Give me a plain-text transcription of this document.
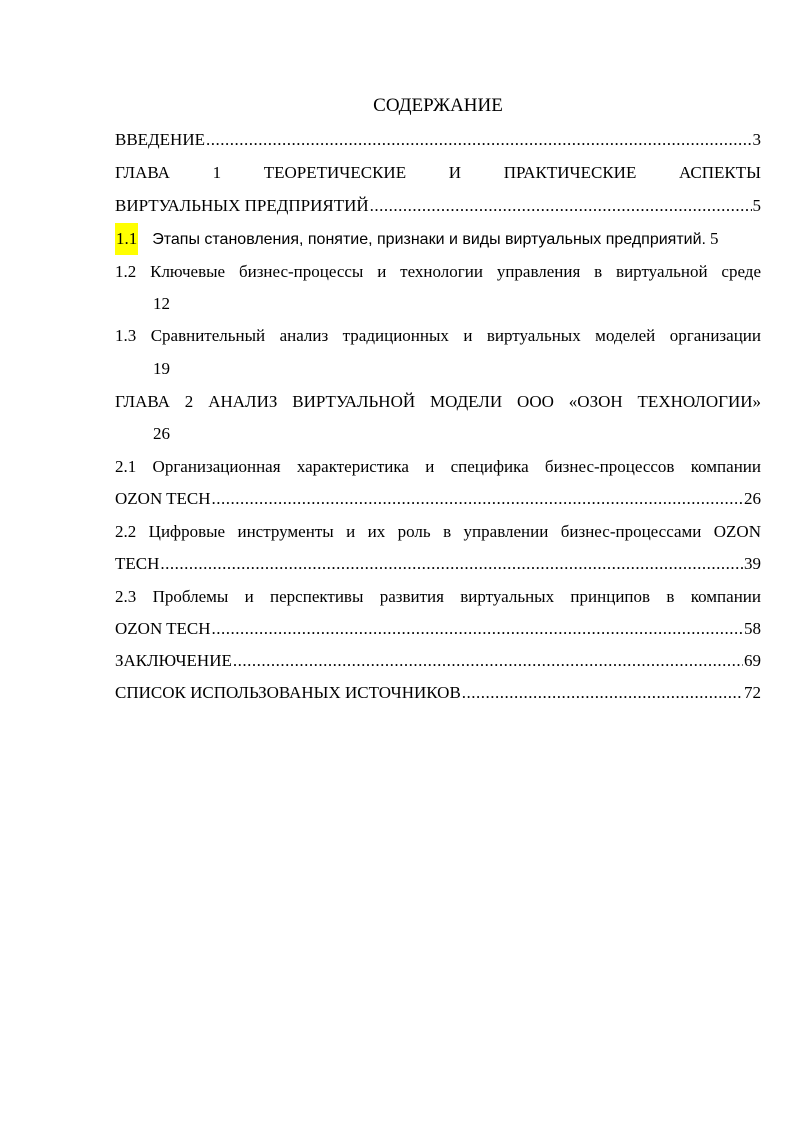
СОДЕРЖАНИЕ
ВВЕДЕНИЕ .....	3
ГЛАВА 1 ТЕОРЕТИЧЕСКИЕ И ПРАКТИЧЕСКИЕ АСПЕКТЫ
ВИРТУАЛЬНЫХ ПРЕДПРИЯТИЙ .....	5
1.1 Этапы становления, понятие, признаки и виды виртуальных предприятий. 5
1.2 Ключевые бизнес-процессы и технологии управления в виртуальной среде
12
1.3 Сравнительный анализ традиционных и виртуальных моделей организации
19
ГЛАВА 2 АНАЛИЗ ВИРТУАЛЬНОЙ МОДЕЛИ ООО «ОЗОН ТЕХНОЛОГИИ»
26
2.1 Организационная характеристика и специфика бизнес-процессов компании
OZON TECH .....	26
2.2 Цифровые инструменты и их роль в управлении бизнес-процессами OZON
TECH .....	39
2.3 Проблемы и перспективы развития виртуальных принципов в компании
OZON TECH .....	58
ЗАКЛЮЧЕНИЕ .....	69
СПИСОК ИСПОЛЬЗОВАНЫХ ИСТОЧНИКОВ .....	72
